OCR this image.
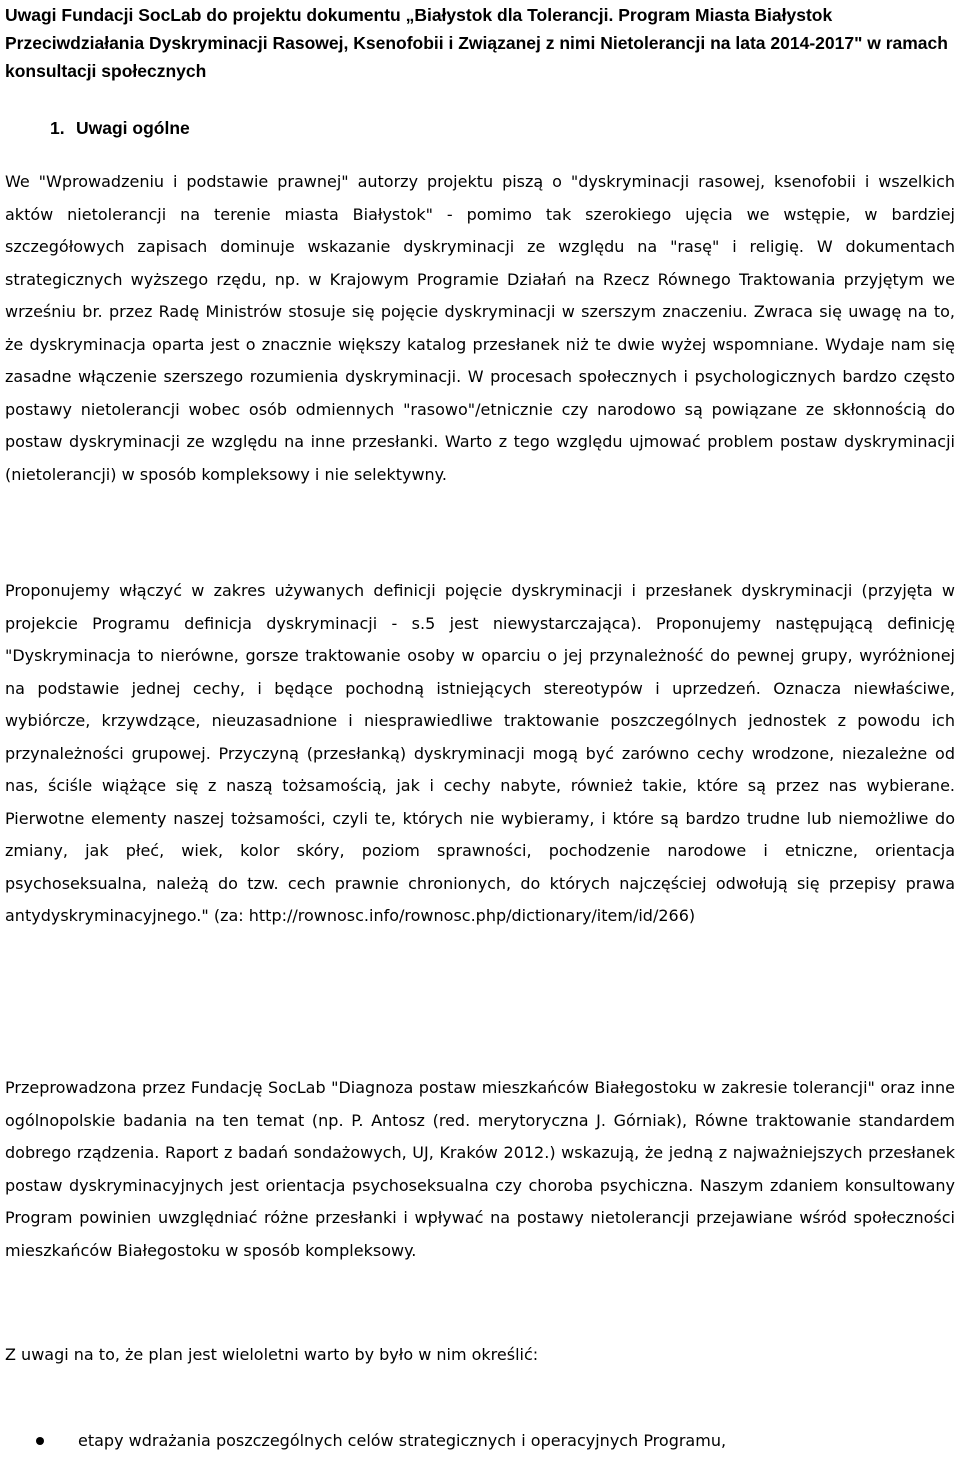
Uwagi Fundacji SocLab do projektu dokumentu „Białystok dla Tolerancji. Program Miasta Białystok Przeciwdziałania Dyskryminacji Rasowej, Ksenofobii i Związanej z nimi Nietolerancji na lata 2014-2017" w ramach konsultacji społecznych
1. Uwagi ogólne

We "Wprowadzeniu i podstawie prawnej" autorzy projektu piszą o "dyskryminacji rasowej, ksenofobii i wszelkich aktów nietolerancji na terenie miasta Białystok" - pomimo tak szerokiego ujęcia we wstępie, w bardziej szczegółowych zapisach dominuje wskazanie dyskryminacji ze względu na "rasę" i religię. W dokumentach strategicznych wyższego rzędu, np. w Krajowym Programie Działań na Rzecz Równego Traktowania przyjętym we wrześniu br. przez Radę Ministrów stosuje się pojęcie dyskryminacji w szerszym znaczeniu. Zwraca się uwagę na to, że dyskryminacja oparta jest o znacznie większy katalog przesłanek niż te dwie wyżej wspomniane. Wydaje nam się zasadne włączenie szerszego rozumienia dyskryminacji. W procesach społecznych i psychologicznych bardzo często postawy nietolerancji wobec osób odmiennych "rasowo"/etnicznie czy narodowo są powiązane ze skłonnością do postaw dyskryminacji ze względu na inne przesłanki. Warto z tego względu ujmować problem postaw dyskryminacji (nietolerancji) w sposób kompleksowy i nie selektywny.

Proponujemy włączyć w zakres używanych definicji pojęcie dyskryminacji i przesłanek dyskryminacji (przyjęta w projekcie Programu definicja dyskryminacji - s.5 jest niewystarczająca). Proponujemy następującą definicję "Dyskryminacja to nierówne, gorsze traktowanie osoby w oparciu o jej przynależność do pewnej grupy, wyróżnionej na podstawie jednej cechy, i będące pochodną istniejących stereotypów i uprzedzeń. Oznacza niewłaściwe, wybiórcze, krzywdzące, nieuzasadnione i niesprawiedliwe traktowanie poszczególnych jednostek z powodu ich przynależności grupowej. Przyczyną (przesłanką) dyskryminacji mogą być zarówno cechy wrodzone, niezależne od nas, ściśle wiążące się z naszą tożsamością, jak i cechy nabyte, również takie, które są przez nas wybierane. Pierwotne elementy naszej tożsamości, czyli te, których nie wybieramy, i które są bardzo trudne lub niemożliwe do zmiany, jak płeć, wiek, kolor skóry, poziom sprawności, pochodzenie narodowe i etniczne, orientacja psychoseksualna, należą do tzw. cech prawnie chronionych, do których najczęściej odwołują się przepisy prawa antydyskryminacyjnego." (za: http://rownosc.info/rownosc.php/dictionary/item/id/266)

Przeprowadzona przez Fundację SocLab "Diagnoza postaw mieszkańców Białegostoku w zakresie tolerancji" oraz inne ogólnopolskie badania na ten temat (np. P. Antosz (red. merytoryczna J. Górniak), Równe traktowanie standardem dobrego rządzenia. Raport z badań sondażowych, UJ, Kraków 2012.) wskazują, że jedną z najważniejszych przesłanek postaw dyskryminacyjnych jest orientacja psychoseksualna czy choroba psychiczna. Naszym zdaniem konsultowany Program powinien uwzględniać różne przesłanki i wpływać na postawy nietolerancji przejawiane wśród społeczności mieszkańców Białegostoku w sposób kompleksowy.

Z uwagi na to, że plan jest wieloletni warto by było w nim określić:

etapy wdrażania poszczególnych celów strategicznych i operacyjnych Programu,
